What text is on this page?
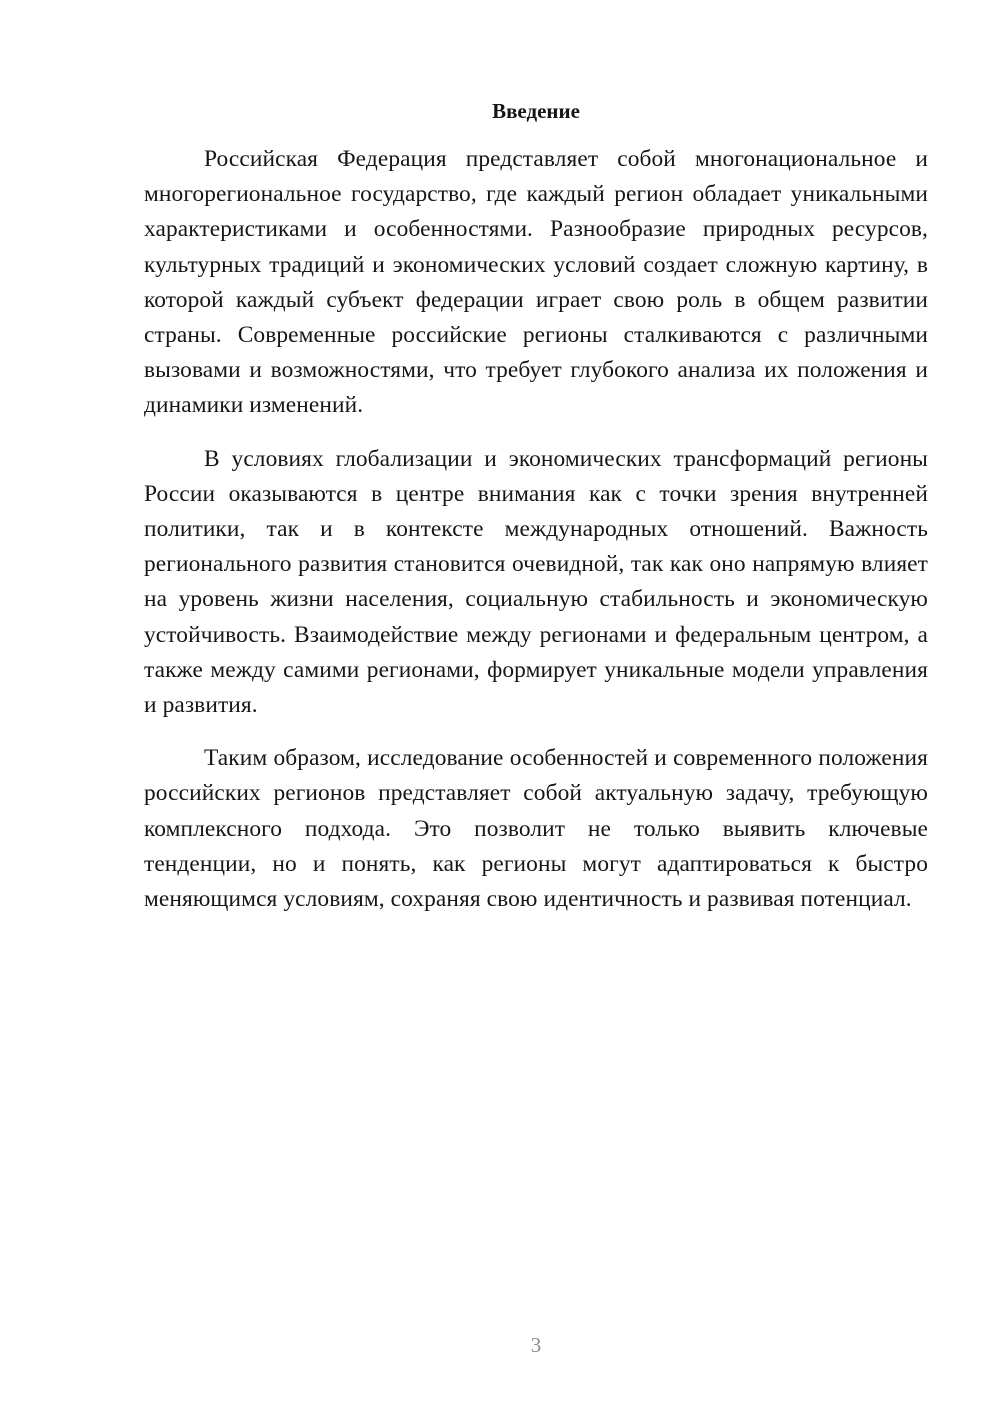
Введение

Российская Федерация представляет собой многонациональное и многорегиональное государство, где каждый регион обладает уникальными характеристиками и особенностями. Разнообразие природных ресурсов, культурных традиций и экономических условий создает сложную картину, в которой каждый субъект федерации играет свою роль в общем развитии страны. Современные российские регионы сталкиваются с различными вызовами и возможностями, что требует глубокого анализа их положения и динамики изменений.

В условиях глобализации и экономических трансформаций регионы России оказываются в центре внимания как с точки зрения внутренней политики, так и в контексте международных отношений. Важность регионального развития становится очевидной, так как оно напрямую влияет на уровень жизни населения, социальную стабильность и экономическую устойчивость. Взаимодействие между регионами и федеральным центром, а также между самими регионами, формирует уникальные модели управления и развития.

Таким образом, исследование особенностей и современного положения российских регионов представляет собой актуальную задачу, требующую комплексного подхода. Это позволит не только выявить ключевые тенденции, но и понять, как регионы могут адаптироваться к быстро меняющимся условиям, сохраняя свою идентичность и развивая потенциал.

3
